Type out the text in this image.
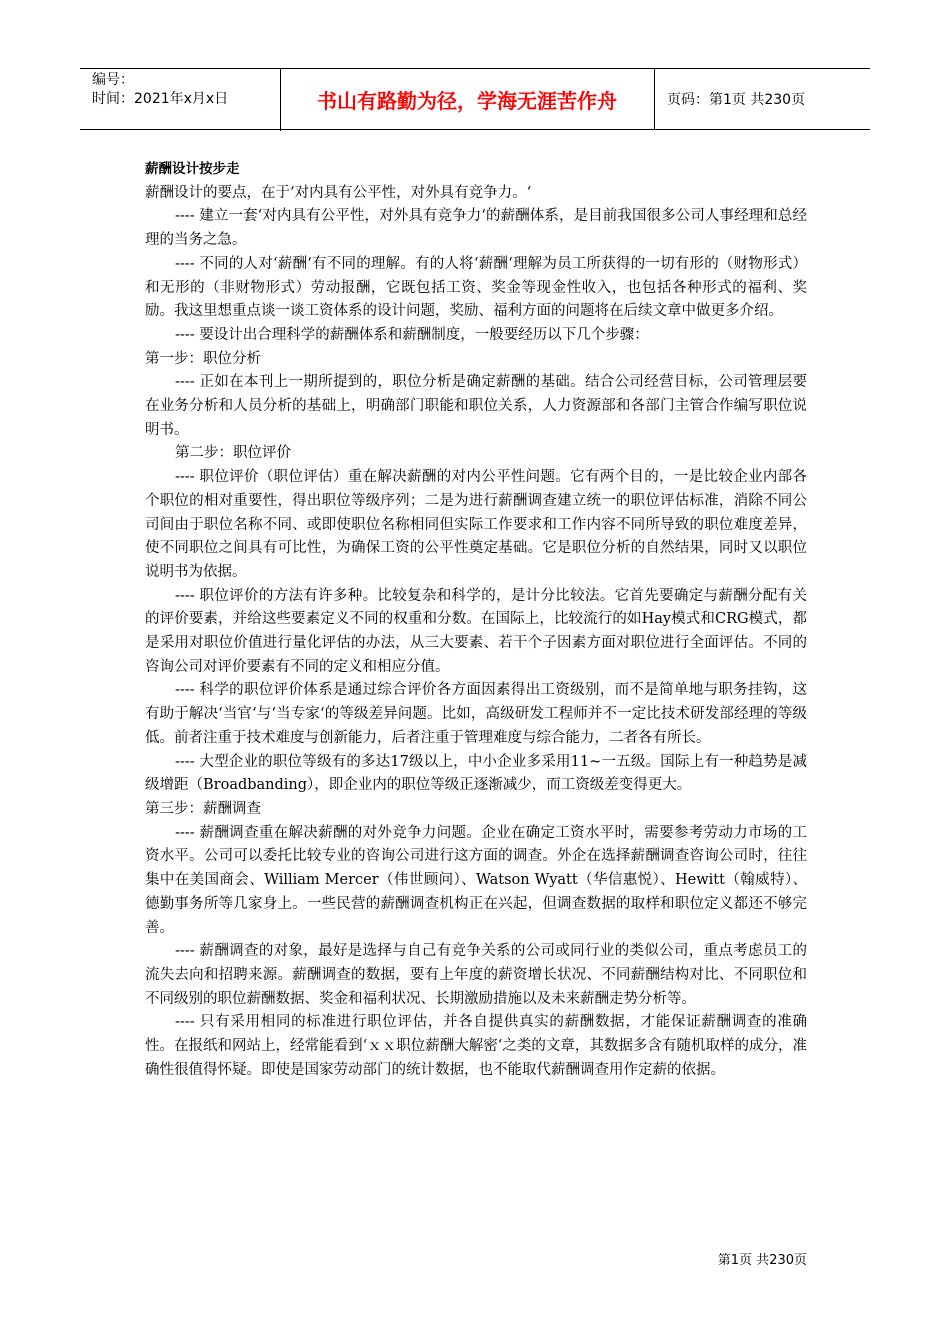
编号：
时间：2021年x月x日	书山有路勤为径，学海无涯苦作舟	页码：第1页 共230页

薪酬设计按步走

薪酬设计的要点，在于‘对内具有公平性，对外具有竞争力。‘

---- 建立一套‘对内具有公平性，对外具有竞争力‘的薪酬体系，是目前我国很多公司人事经理和总经理的当务之急。

---- 不同的人对‘薪酬‘有不同的理解。有的人将‘薪酬‘理解为员工所获得的一切有形的（财物形式）和无形的（非财物形式）劳动报酬，它既包括工资、奖金等现金性收入，也包括各种形式的福利、奖励。我这里想重点谈一谈工资体系的设计问题，奖励、福利方面的问题将在后续文章中做更多介绍。

---- 要设计出合理科学的薪酬体系和薪酬制度，一般要经历以下几个步骤：

第一步：职位分析

---- 正如在本刊上一期所提到的，职位分析是确定薪酬的基础。结合公司经营目标，公司管理层要在业务分析和人员分析的基础上，明确部门职能和职位关系，人力资源部和各部门主管合作编写职位说明书。

第二步：职位评价

---- 职位评价（职位评估）重在解决薪酬的对内公平性问题。它有两个目的，一是比较企业内部各个职位的相对重要性，得出职位等级序列；二是为进行薪酬调查建立统一的职位评估标准，消除不同公司间由于职位名称不同、或即使职位名称相同但实际工作要求和工作内容不同所导致的职位难度差异，使不同职位之间具有可比性，为确保工资的公平性奠定基础。它是职位分析的自然结果，同时又以职位说明书为依据。

---- 职位评价的方法有许多种。比较复杂和科学的，是计分比较法。它首先要确定与薪酬分配有关的评价要素，并给这些要素定义不同的权重和分数。在国际上，比较流行的如Hay模式和CRG模式，都是采用对职位价值进行量化评估的办法，从三大要素、若干个子因素方面对职位进行全面评估。不同的咨询公司对评价要素有不同的定义和相应分值。

---- 科学的职位评价体系是通过综合评价各方面因素得出工资级别，而不是简单地与职务挂钩，这有助于解决‘当官‘与‘当专家‘的等级差异问题。比如，高级研发工程师并不一定比技术研发部经理的等级低。前者注重于技术难度与创新能力，后者注重于管理难度与综合能力，二者各有所长。

---- 大型企业的职位等级有的多达17级以上，中小企业多采用11~一五级。国际上有一种趋势是减级增距（Broadbanding），即企业内的职位等级正逐渐减少，而工资级差变得更大。

第三步：薪酬调查

---- 薪酬调查重在解决薪酬的对外竞争力问题。企业在确定工资水平时，需要参考劳动力市场的工资水平。公司可以委托比较专业的咨询公司进行这方面的调查。外企在选择薪酬调查咨询公司时，往往集中在美国商会、William Mercer（伟世顾问）、Watson Wyatt（华信惠悦）、Hewitt（翰威特）、德勤事务所等几家身上。一些民营的薪酬调查机构正在兴起，但调查数据的取样和职位定义都还不够完善。

---- 薪酬调查的对象，最好是选择与自己有竞争关系的公司或同行业的类似公司，重点考虑员工的流失去向和招聘来源。薪酬调查的数据，要有上年度的薪资增长状况、不同薪酬结构对比、不同职位和不同级别的职位薪酬数据、奖金和福利状况、长期激励措施以及未来薪酬走势分析等。

---- 只有采用相同的标准进行职位评估，并各自提供真实的薪酬数据，才能保证薪酬调查的准确性。在报纸和网站上，经常能看到‘ｘｘ职位薪酬大解密‘之类的文章，其数据多含有随机取样的成分，准确性很值得怀疑。即使是国家劳动部门的统计数据，也不能取代薪酬调查用作定薪的依据。

第1页 共230页
